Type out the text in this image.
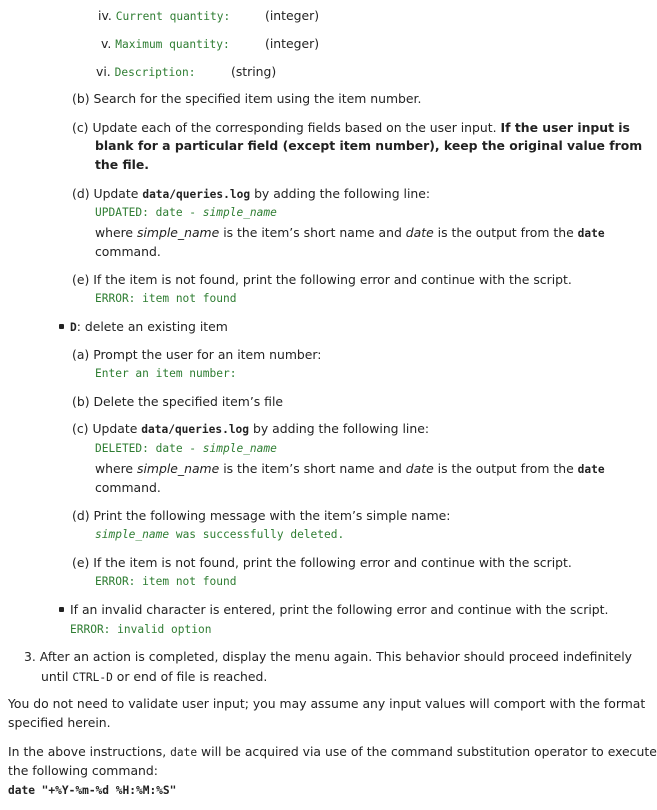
iv. Current quantity:	(integer)
v. Maximum quantity:	(integer)
vi. Description:	(string)
(b) Search for the specified item using the item number.
(c) Update each of the corresponding fields based on the user input. If the user input is
blank for a particular field (except item number), keep the original value from
the file.
(d) Update data/queries.log by adding the following line:
UPDATED: date - simple_name
where simple_name is the item’s short name and date is the output from the date
command.
(e) If the item is not found, print the following error and continue with the script.
ERROR: item not found
D: delete an existing item
(a) Prompt the user for an item number:
Enter an item number:
(b) Delete the specified item’s file
(c) Update data/queries.log by adding the following line:
DELETED: date - simple_name
where simple_name is the item’s short name and date is the output from the date
command.
(d) Print the following message with the item’s simple name:
simple_name was successfully deleted.
(e) If the item is not found, print the following error and continue with the script.
ERROR: item not found
If an invalid character is entered, print the following error and continue with the script.
ERROR: invalid option
3. After an action is completed, display the menu again. This behavior should proceed indefinitely
until CTRL-D or end of file is reached.
You do not need to validate user input; you may assume any input values will comport with the format
specified herein.
In the above instructions, date will be acquired via use of the command substitution operator to execute
the following command:
date "+%Y-%m-%d %H:%M:%S"
